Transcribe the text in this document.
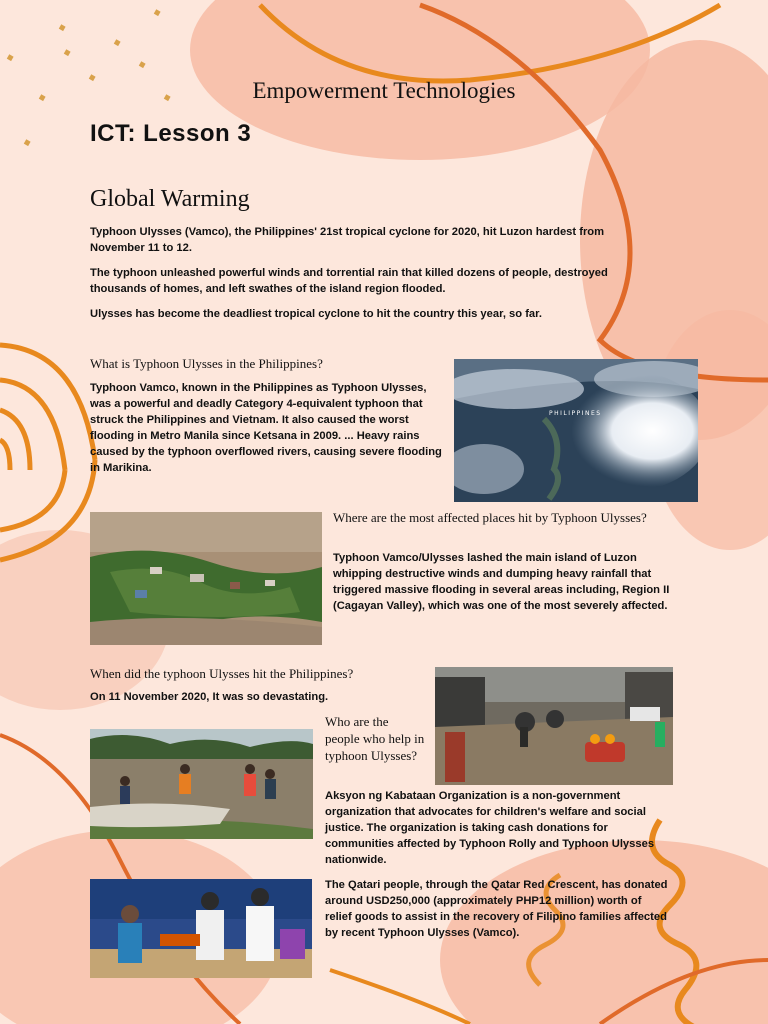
Empowerment Technologies
ICT: Lesson 3
Global Warming
Typhoon Ulysses (Vamco), the Philippines' 21st tropical cyclone for 2020, hit Luzon hardest from November 11 to 12.
The typhoon unleashed powerful winds and torrential rain that killed dozens of people, destroyed thousands of homes, and left swathes of the island region flooded.
Ulysses has become the deadliest tropical cyclone to hit the country this year, so far.
What is Typhoon Ulysses in the Philippines?
Typhoon Vamco, known in the Philippines as Typhoon Ulysses, was a powerful and deadly Category 4-equivalent typhoon that struck the Philippines and Vietnam. It also caused the worst flooding in Metro Manila since Ketsana in 2009. ... Heavy rains caused by the typhoon overflowed rivers, causing severe flooding in Marikina.
PHILIPPINES
Where are the most affected places hit by Typhoon Ulysses?
Typhoon Vamco/Ulysses lashed the main island of Luzon whipping destructive winds and dumping heavy rainfall that triggered massive flooding in several areas including, Region II (Cagayan Valley), which was one of the most severely affected.
When did the typhoon Ulysses hit the Philippines?
On 11 November 2020, It was so devastating.
Who are the people who help in typhoon Ulysses?
Aksyon ng Kabataan Organization is a non-government organization that advocates for children's welfare and social justice. The organization is taking cash donations for communities affected by Typhoon Rolly and Typhoon Ulysses nationwide.
The Qatari people, through the Qatar Red Crescent, has donated around USD250,000 (approximately PHP12 million) worth of relief goods to assist in the recovery of Filipino families affected by recent Typhoon Ulysses (Vamco).
